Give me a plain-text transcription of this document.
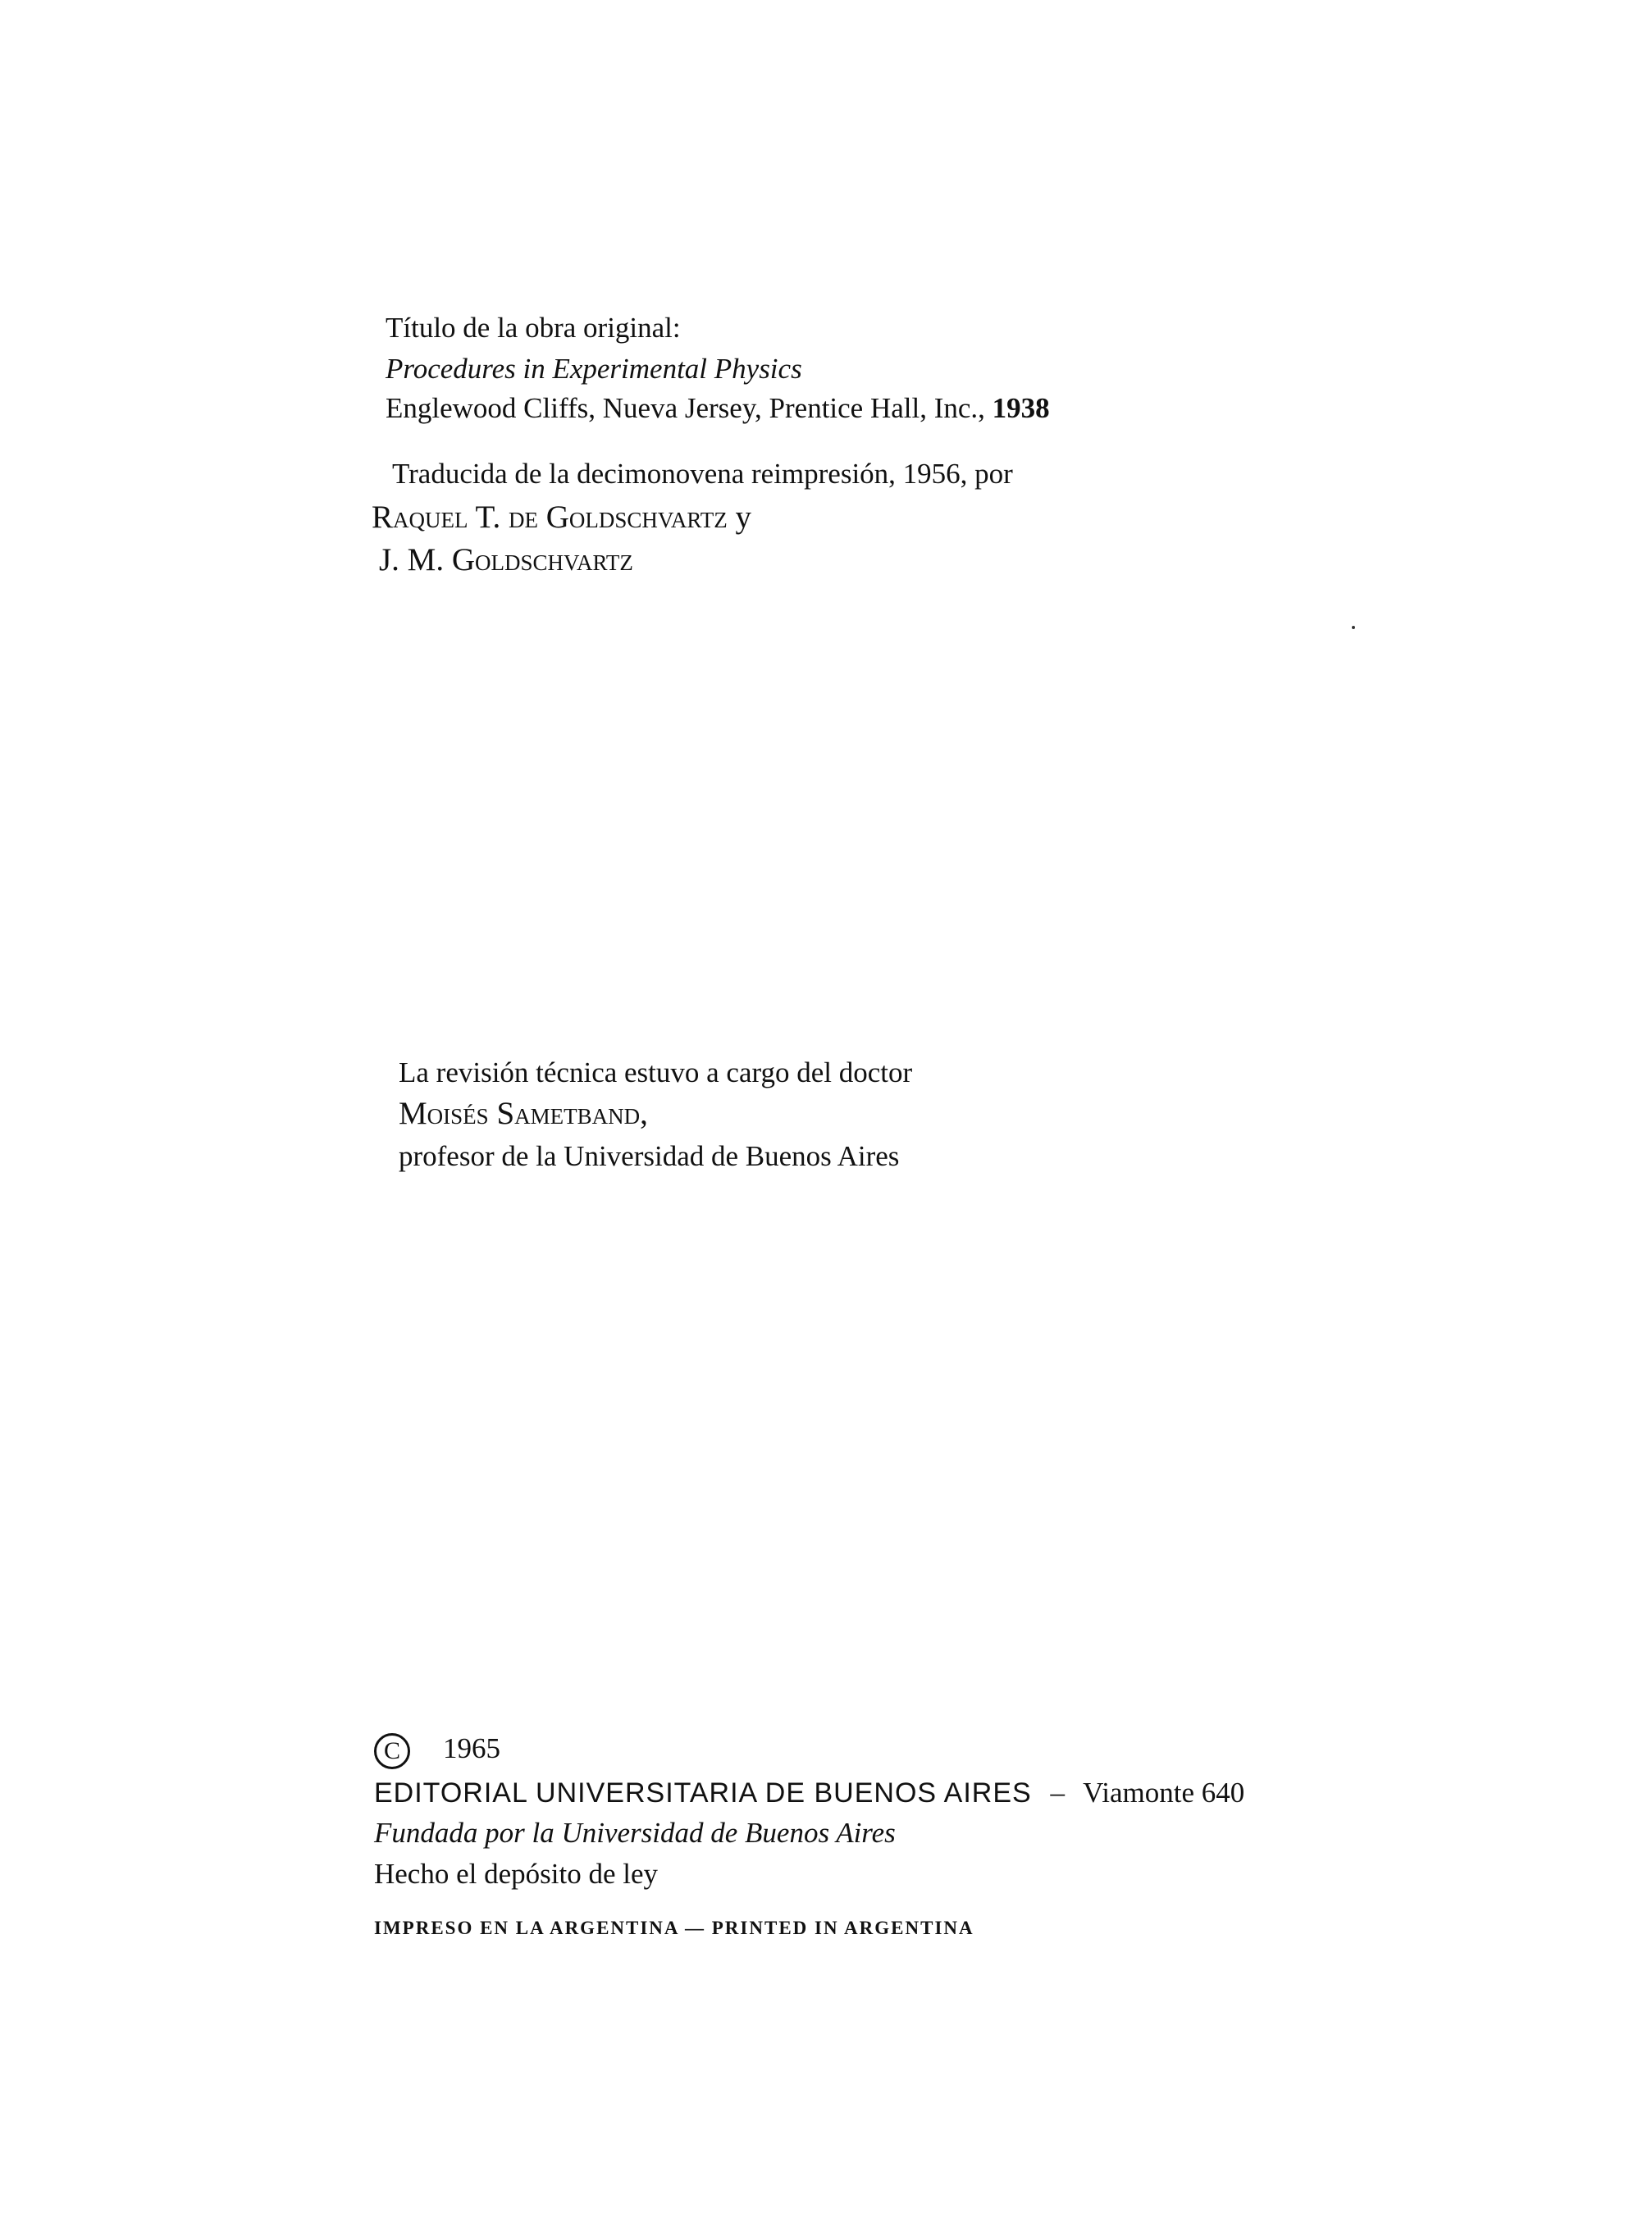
Título de la obra original:
Procedures in Experimental Physics
Englewood Cliffs, Nueva Jersey, Prentice Hall, Inc., 1938
Traducida de la decimonovena reimpresión, 1956, por
Raquel T. de Goldschvartz y
J. M. Goldschvartz
La revisión técnica estuvo a cargo del doctor
Moisés Sametband,
profesor de la Universidad de Buenos Aires
C 1965
EDITORIAL UNIVERSITARIA DE BUENOS AIRES – Viamonte 640
Fundada por la Universidad de Buenos Aires
Hecho el depósito de ley
IMPRESO EN LA ARGENTINA — PRINTED IN ARGENTINA
